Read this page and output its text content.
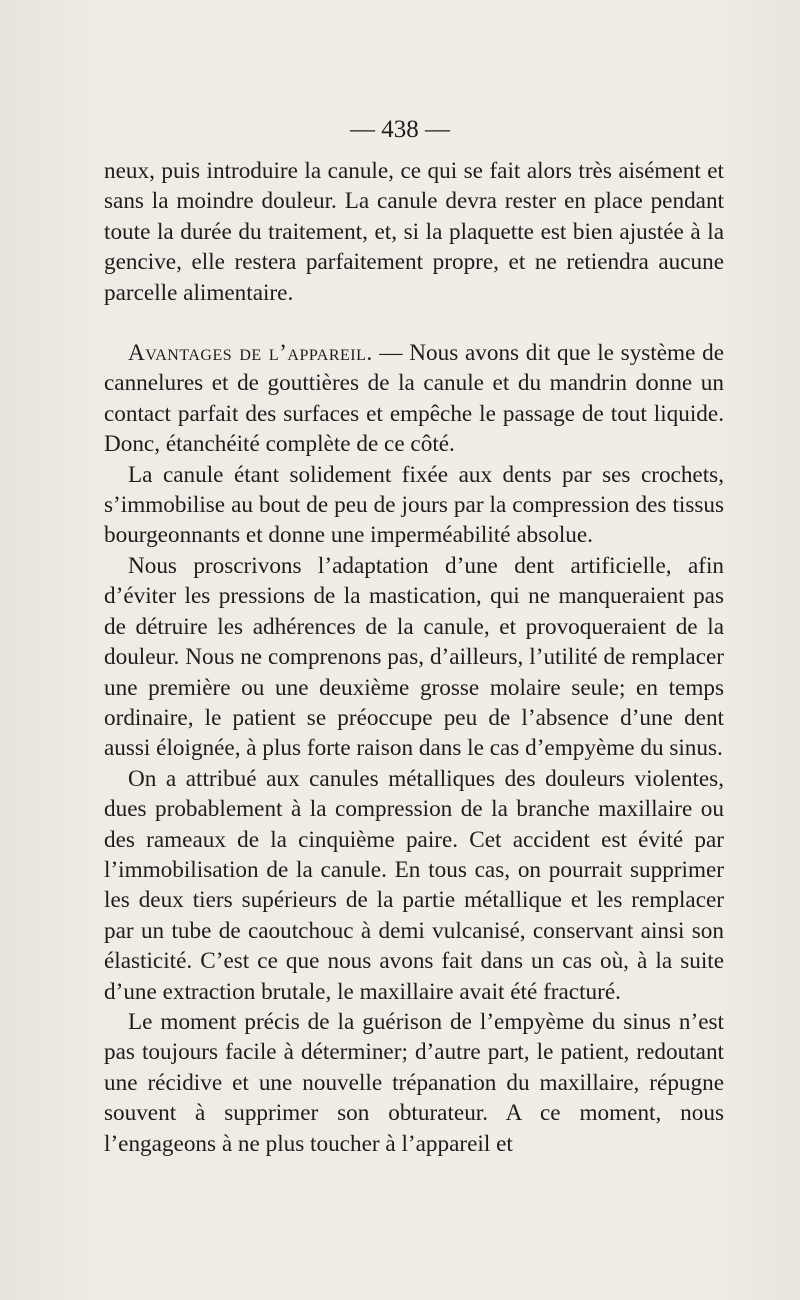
— 438 —

neux, puis introduire la canule, ce qui se fait alors très aisément et sans la moindre douleur. La canule devra rester en place pendant toute la durée du traitement, et, si la plaquette est bien ajustée à la gencive, elle restera parfaitement propre, et ne retiendra aucune parcelle alimentaire.

Avantages de l’appareil. — Nous avons dit que le système de cannelures et de gouttières de la canule et du mandrin donne un contact parfait des surfaces et empêche le passage de tout liquide. Donc, étanchéité complète de ce côté.

La canule étant solidement fixée aux dents par ses crochets, s’immobilise au bout de peu de jours par la compression des tissus bourgeonnants et donne une imperméabilité absolue.

Nous proscrivons l’adaptation d’une dent artificielle, afin d’éviter les pressions de la mastication, qui ne manqueraient pas de détruire les adhérences de la canule, et provoqueraient de la douleur. Nous ne comprenons pas, d’ailleurs, l’utilité de remplacer une première ou une deuxième grosse molaire seule; en temps ordinaire, le patient se préoccupe peu de l’absence d’une dent aussi éloignée, à plus forte raison dans le cas d’empyème du sinus.

On a attribué aux canules métalliques des douleurs violentes, dues probablement à la compression de la branche maxillaire ou des rameaux de la cinquième paire. Cet accident est évité par l’immobilisation de la canule. En tous cas, on pourrait supprimer les deux tiers supérieurs de la partie métallique et les remplacer par un tube de caoutchouc à demi vulcanisé, conservant ainsi son élasticité. C’est ce que nous avons fait dans un cas où, à la suite d’une extraction brutale, le maxillaire avait été fracturé.

Le moment précis de la guérison de l’empyème du sinus n’est pas toujours facile à déterminer; d’autre part, le patient, redoutant une récidive et une nouvelle trépanation du maxillaire, répugne souvent à supprimer son obturateur. A ce moment, nous l’engageons à ne plus toucher à l’appareil et
